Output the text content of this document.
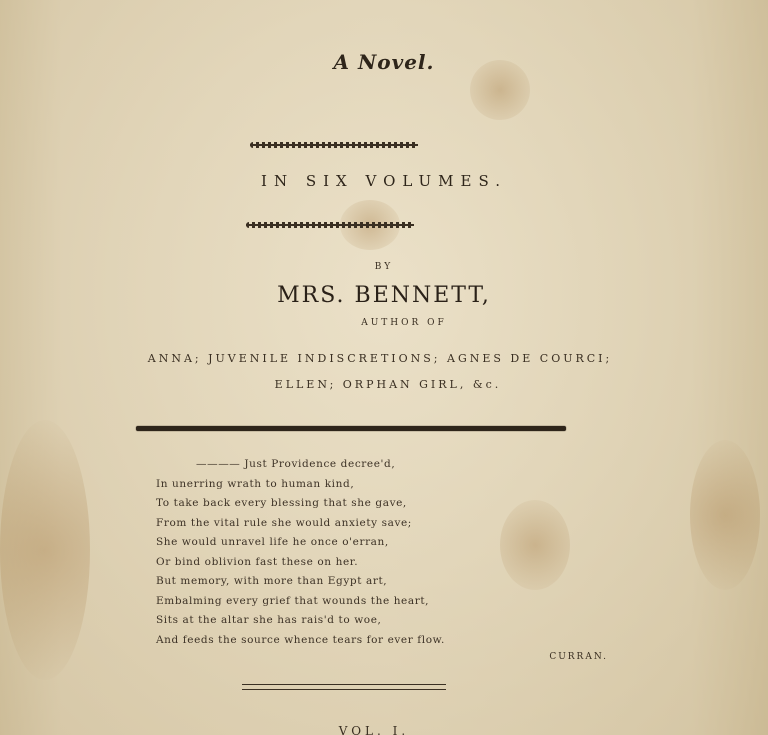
A Novel.
IN SIX VOLUMES.
BY
MRS. BENNETT,
AUTHOR OF
ANNA; JUVENILE INDISCRETIONS; AGNES DE COURCI;
ELLEN; ORPHAN GIRL, &c.
———— Just Providence decree'd,
In unerring wrath to human kind,
To take back every blessing that she gave,
From the vital rule she would anxiety save;
She would unravel life he once o'erran,
Or bind oblivion fast these on her.
But memory, with more than Egypt art,
Embalming every grief that wounds the heart,
Sits at the altar she has rais'd to woe,
And feeds the source whence tears for ever flow.
CURRAN.
VOL. I.
